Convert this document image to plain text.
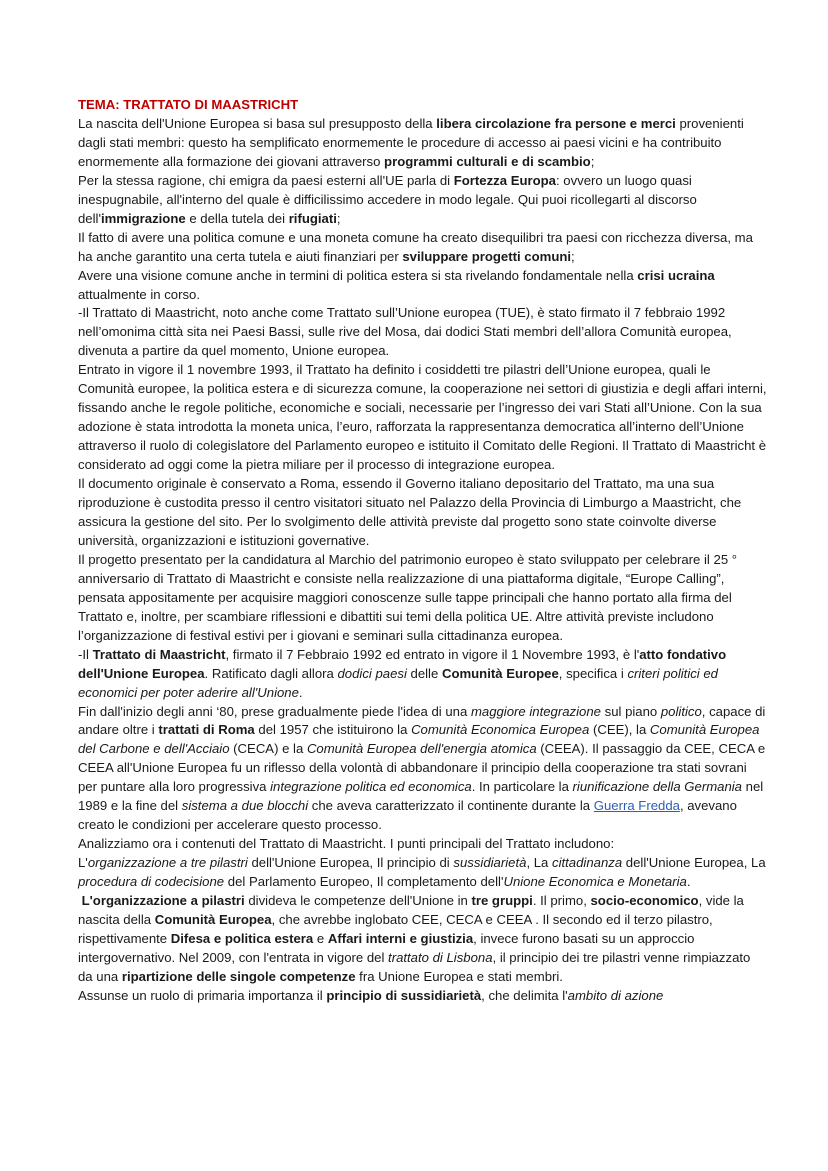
TEMA: TRATTATO DI MAASTRICHT

La nascita dell'Unione Europea si basa sul presupposto della libera circolazione fra persone e merci provenienti dagli stati membri: questo ha semplificato enormemente le procedure di accesso ai paesi vicini e ha contribuito enormemente alla formazione dei giovani attraverso programmi culturali e di scambio;

Per la stessa ragione, chi emigra da paesi esterni all'UE parla di Fortezza Europa: ovvero un luogo quasi inespugnabile, all'interno del quale è difficilissimo accedere in modo legale. Qui puoi ricollegarti al discorso dell'immigrazione e della tutela dei rifugiati;

Il fatto di avere una politica comune e una moneta comune ha creato disequilibri tra paesi con ricchezza diversa, ma ha anche garantito una certa tutela e aiuti finanziari per sviluppare progetti comuni;

Avere una visione comune anche in termini di politica estera si sta rivelando fondamentale nella crisi ucraina attualmente in corso.

-Il Trattato di Maastricht, noto anche come Trattato sull’Unione europea (TUE), è stato firmato il 7 febbraio 1992 nell’omonima città sita nei Paesi Bassi, sulle rive del Mosa, dai dodici Stati membri dell’allora Comunità europea, divenuta a partire da quel momento, Unione europea.

Entrato in vigore il 1 novembre 1993, il Trattato ha definito i cosiddetti tre pilastri dell’Unione europea, quali le Comunità europee, la politica estera e di sicurezza comune, la cooperazione nei settori di giustizia e degli affari interni, fissando anche le regole politiche, economiche e sociali, necessarie per l’ingresso dei vari Stati all’Unione. Con la sua adozione è stata introdotta la moneta unica, l’euro, rafforzata la rappresentanza democratica all’interno dell’Unione attraverso il ruolo di colegislatore del Parlamento europeo e istituito il Comitato delle Regioni. Il Trattato di Maastricht è considerato ad oggi come la pietra miliare per il processo di integrazione europea.

Il documento originale è conservato a Roma, essendo il Governo italiano depositario del Trattato, ma una sua riproduzione è custodita presso il centro visitatori situato nel Palazzo della Provincia di Limburgo a Maastricht, che assicura la gestione del sito. Per lo svolgimento delle attività previste dal progetto sono state coinvolte diverse università, organizzazioni e istituzioni governative.

Il progetto presentato per la candidatura al Marchio del patrimonio europeo è stato sviluppato per celebrare il 25 ° anniversario di Trattato di Maastricht e consiste nella realizzazione di una piattaforma digitale, “Europe Calling”, pensata appositamente per acquisire maggiori conoscenze sulle tappe principali che hanno portato alla firma del Trattato e, inoltre, per scambiare riflessioni e dibattiti sui temi della politica UE. Altre attività previste includono l’organizzazione di festival estivi per i giovani e seminari sulla cittadinanza europea.

-Il Trattato di Maastricht, firmato il 7 Febbraio 1992 ed entrato in vigore il 1 Novembre 1993, è l'atto fondativo dell'Unione Europea. Ratificato dagli allora dodici paesi delle Comunità Europee, specifica i criteri politici ed economici per poter aderire all'Unione.

Fin dall'inizio degli anni ‘80, prese gradualmente piede l'idea di una maggiore integrazione sul piano politico, capace di andare oltre i trattati di Roma del 1957 che istituirono la Comunità Economica Europea (CEE), la Comunità Europea del Carbone e dell'Acciaio (CECA) e la Comunità Europea dell'energia atomica (CEEA). Il passaggio da CEE, CECA e CEEA all'Unione Europea fu un riflesso della volontà di abbandonare il principio della cooperazione tra stati sovrani per puntare alla loro progressiva integrazione politica ed economica. In particolare la riunificazione della Germania nel 1989 e la fine del sistema a due blocchi che aveva caratterizzato il continente durante la Guerra Fredda, avevano creato le condizioni per accelerare questo processo.

Analizziamo ora i contenuti del Trattato di Maastricht. I punti principali del Trattato includono:

L'organizzazione a tre pilastri dell'Unione Europea, Il principio di sussidiarietà, La cittadinanza dell'Unione Europea, La procedura di codecisione del Parlamento Europeo, Il completamento dell'Unione Economica e Monetaria.

L'organizzazione a pilastri divideva le competenze dell'Unione in tre gruppi. Il primo, socio-economico, vide la nascita della Comunità Europea, che avrebbe inglobato CEE, CECA e CEEA . Il secondo ed il terzo pilastro, rispettivamente Difesa e politica estera e Affari interni e giustizia, invece furono basati su un approccio intergovernativo. Nel 2009, con l'entrata in vigore del trattato di Lisbona, il principio dei tre pilastri venne rimpiazzato da una ripartizione delle singole competenze fra Unione Europea e stati membri.

Assunse un ruolo di primaria importanza il principio di sussidiarietà, che delimita l'ambito di azione
